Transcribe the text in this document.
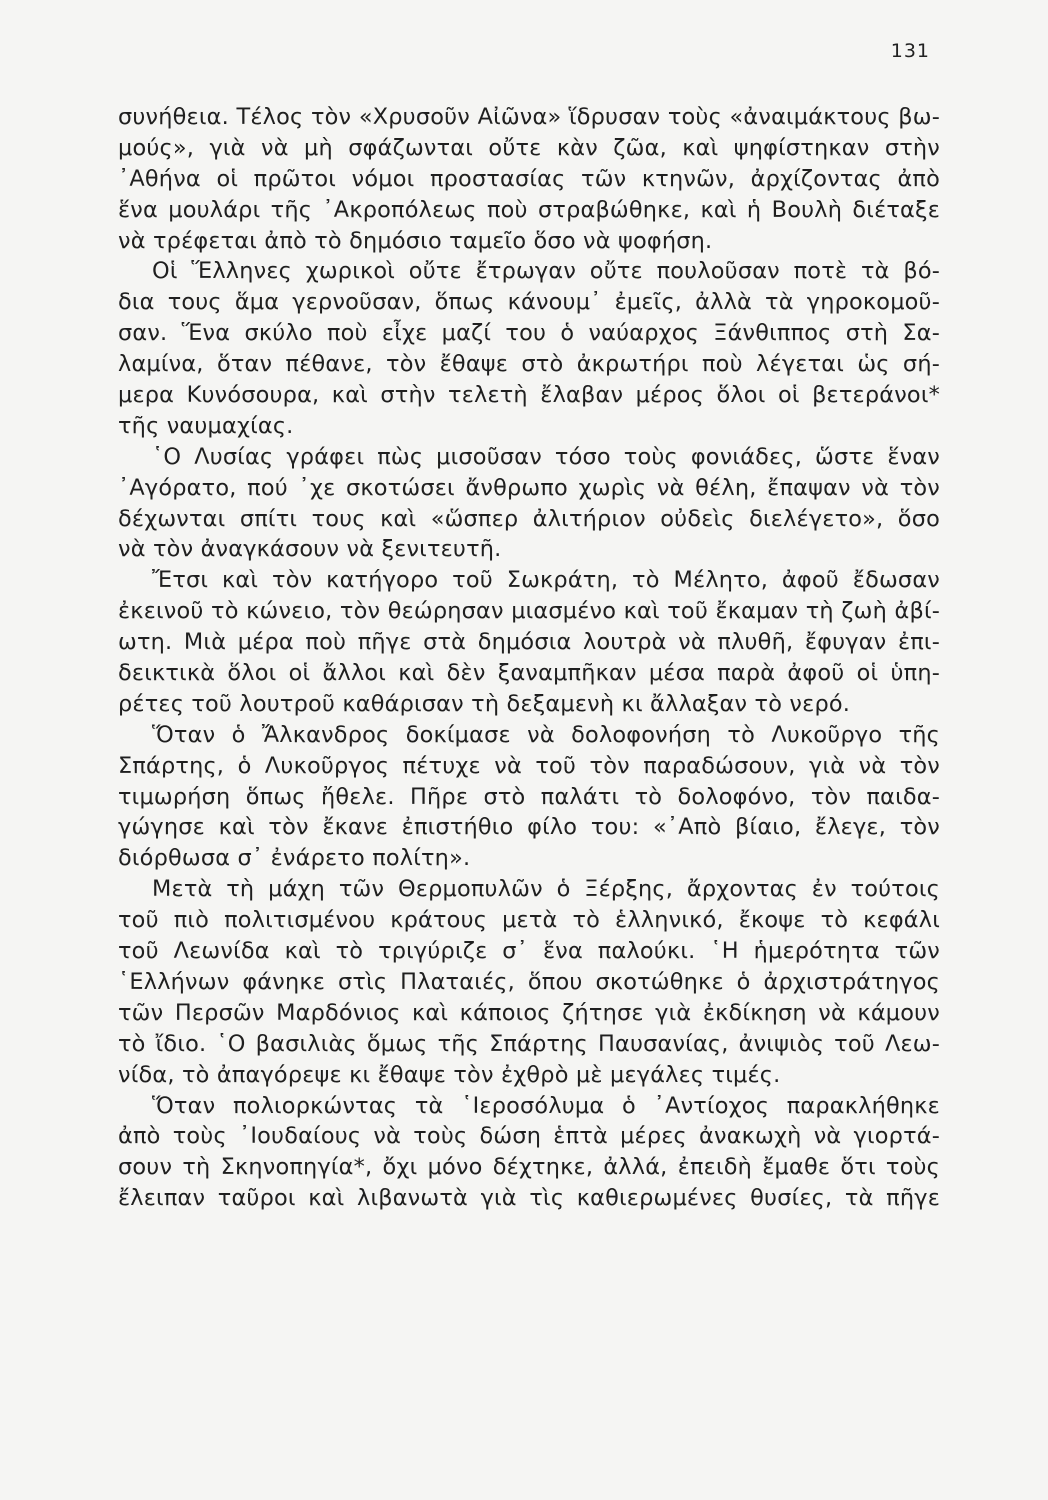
131
συνήθεια. Τέλος τὸν «Χρυσοῦν Αἰῶνα» ἵδρυσαν τοὺς «ἀναιμάκτους βω-
μούς», γιὰ νὰ μὴ σφάζωνται οὔτε κὰν ζῶα, καὶ ψηφίστηκαν στὴν
᾿Αθήνα οἱ πρῶτοι νόμοι προστασίας τῶν κτηνῶν, ἀρχίζοντας ἀπὸ
ἕνα μουλάρι τῆς ᾿Ακροπόλεως ποὺ στραβώθηκε, καὶ ἡ Βουλὴ διέταξε
νὰ τρέφεται ἀπὸ τὸ δημόσιο ταμεῖο ὅσο νὰ ψοφήση.
Οἱ Ἕλληνες χωρικοὶ οὔτε ἔτρωγαν οὔτε πουλοῦσαν ποτὲ τὰ βό-
δια τους ἅμα γερνοῦσαν, ὅπως κάνουμ᾿ ἐμεῖς, ἀλλὰ τὰ γηροκομοῦ-
σαν. Ἕνα σκύλο ποὺ εἶχε μαζί του ὁ ναύαρχος Ξάνθιππος στὴ Σα-
λαμίνα, ὅταν πέθανε, τὸν ἔθαψε στὸ ἀκρωτήρι ποὺ λέγεται ὡς σή-
μερα Κυνόσουρα, καὶ στὴν τελετὴ ἔλαβαν μέρος ὅλοι οἱ βετεράνοι*
τῆς ναυμαχίας.
῾Ο Λυσίας γράφει πὼς μισοῦσαν τόσο τοὺς φονιάδες, ὥστε ἕναν
᾿Αγόρατο, πού ᾿χε σκοτώσει ἄνθρωπο χωρὶς νὰ θέλη, ἔπαψαν νὰ τὸν
δέχωνται σπίτι τους καὶ «ὥσπερ ἀλιτήριον οὐδεὶς διελέγετο», ὅσο
νὰ τὸν ἀναγκάσουν νὰ ξενιτευτῆ.
Ἔτσι καὶ τὸν κατήγορο τοῦ Σωκράτη, τὸ Μέλητο, ἀφοῦ ἔδωσαν
ἐκεινοῦ τὸ κώνειο, τὸν θεώρησαν μιασμένο καὶ τοῦ ἔκαμαν τὴ ζωὴ ἀβί-
ωτη. Μιὰ μέρα ποὺ πῆγε στὰ δημόσια λουτρὰ νὰ πλυθῆ, ἔφυγαν ἐπι-
δεικτικὰ ὅλοι οἱ ἄλλοι καὶ δὲν ξαναμπῆκαν μέσα παρὰ ἀφοῦ οἱ ὑπη-
ρέτες τοῦ λουτροῦ καθάρισαν τὴ δεξαμενὴ κι ἄλλαξαν τὸ νερό.
Ὅταν ὁ Ἄλκανδρος δοκίμασε νὰ δολοφονήση τὸ Λυκοῦργο τῆς
Σπάρτης, ὁ Λυκοῦργος πέτυχε νὰ τοῦ τὸν παραδώσουν, γιὰ νὰ τὸν
τιμωρήση ὅπως ἤθελε. Πῆρε στὸ παλάτι τὸ δολοφόνο, τὸν παιδα-
γώγησε καὶ τὸν ἔκανε ἐπιστήθιο φίλο του: «᾿Απὸ βίαιο, ἔλεγε, τὸν
διόρθωσα σ᾿ ἐνάρετο πολίτη».
Μετὰ τὴ μάχη τῶν Θερμοπυλῶν ὁ Ξέρξης, ἄρχοντας ἐν τούτοις
τοῦ πιὸ πολιτισμένου κράτους μετὰ τὸ ἑλληνικό, ἔκοψε τὸ κεφάλι
τοῦ Λεωνίδα καὶ τὸ τριγύριζε σ᾿ ἕνα παλούκι. ῾Η ἡμερότητα τῶν
῾Ελλήνων φάνηκε στὶς Πλαταιές, ὅπου σκοτώθηκε ὁ ἀρχιστράτηγος
τῶν Περσῶν Μαρδόνιος καὶ κάποιος ζήτησε γιὰ ἐκδίκηση νὰ κάμουν
τὸ ἴδιο. ῾Ο βασιλιὰς ὅμως τῆς Σπάρτης Παυσανίας, ἀνιψιὸς τοῦ Λεω-
νίδα, τὸ ἀπαγόρεψε κι ἔθαψε τὸν ἐχθρὸ μὲ μεγάλες τιμές.
Ὅταν πολιορκώντας τὰ ῾Ιεροσόλυμα ὁ ᾿Αντίοχος παρακλήθηκε
ἀπὸ τοὺς ᾿Ιουδαίους νὰ τοὺς δώση ἑπτὰ μέρες ἀνακωχὴ νὰ γιορτά-
σουν τὴ Σκηνοπηγία*, ὄχι μόνο δέχτηκε, ἀλλά, ἐπειδὴ ἔμαθε ὅτι τοὺς
ἔλειπαν ταῦροι καὶ λιβανωτὰ γιὰ τὶς καθιερωμένες θυσίες, τὰ πῆγε
